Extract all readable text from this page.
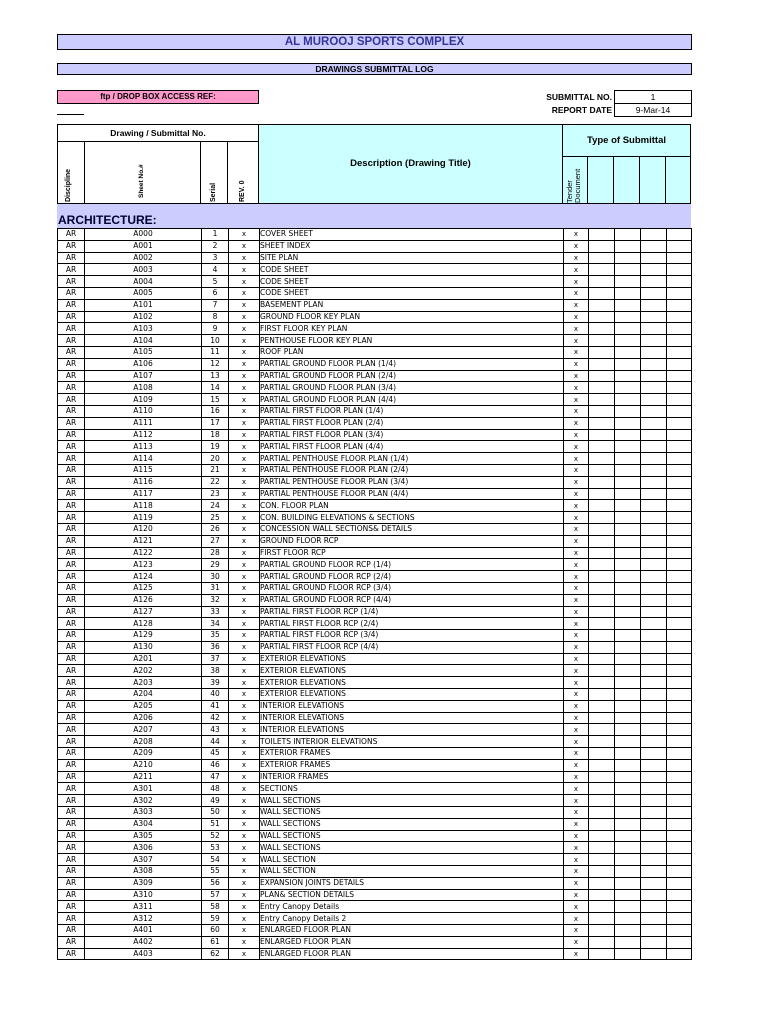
AL MUROOJ SPORTS COMPLEX
DRAWINGS SUBMITTAL LOG
ftp / DROP BOX ACCESS REF:	SUBMITTAL NO.	1
REPORT DATE	9-Mar-14
Drawing / Submittal No.
Discipline	Sheet No.#	Serial	REV. 0
Description (Drawing Title)
Type of Submittal
Tender Document
ARCHITECTURE:
AR	A000	1	x	COVER SHEET	x				
AR	A001	2	x	SHEET INDEX	x				
AR	A002	3	x	SITE PLAN	x				
AR	A003	4	x	CODE SHEET	x				
AR	A004	5	x	CODE SHEET	x				
AR	A005	6	x	CODE SHEET	x				
AR	A101	7	x	BASEMENT PLAN	x				
AR	A102	8	x	GROUND FLOOR KEY PLAN	x				
AR	A103	9	x	FIRST FLOOR KEY PLAN	x				
AR	A104	10	x	PENTHOUSE FLOOR KEY PLAN	x				
AR	A105	11	x	ROOF PLAN	x				
AR	A106	12	x	PARTIAL GROUND FLOOR PLAN (1/4)	x				
AR	A107	13	x	PARTIAL GROUND FLOOR PLAN (2/4)	x				
AR	A108	14	x	PARTIAL GROUND FLOOR PLAN (3/4)	x				
AR	A109	15	x	PARTIAL GROUND FLOOR PLAN (4/4)	x				
AR	A110	16	x	PARTIAL FIRST FLOOR PLAN (1/4)	x				
AR	A111	17	x	PARTIAL FIRST FLOOR PLAN (2/4)	x				
AR	A112	18	x	PARTIAL FIRST FLOOR PLAN (3/4)	x				
AR	A113	19	x	PARTIAL FIRST FLOOR PLAN (4/4)	x				
AR	A114	20	x	PARTIAL PENTHOUSE FLOOR PLAN (1/4)	x				
AR	A115	21	x	PARTIAL PENTHOUSE FLOOR PLAN (2/4)	x				
AR	A116	22	x	PARTIAL PENTHOUSE FLOOR PLAN (3/4)	x				
AR	A117	23	x	PARTIAL PENTHOUSE FLOOR PLAN (4/4)	x				
AR	A118	24	x	CON. FLOOR PLAN	x				
AR	A119	25	x	CON. BUILDING ELEVATIONS & SECTIONS	x				
AR	A120	26	x	CONCESSION WALL SECTIONS& DETAILS	x				
AR	A121	27	x	GROUND FLOOR RCP	x				
AR	A122	28	x	FIRST FLOOR RCP	x				
AR	A123	29	x	PARTIAL GROUND FLOOR RCP (1/4)	x				
AR	A124	30	x	PARTIAL GROUND FLOOR RCP (2/4)	x				
AR	A125	31	x	PARTIAL GROUND FLOOR RCP (3/4)	x				
AR	A126	32	x	PARTIAL GROUND FLOOR RCP (4/4)	x				
AR	A127	33	x	PARTIAL FIRST FLOOR RCP (1/4)	x				
AR	A128	34	x	PARTIAL FIRST FLOOR RCP (2/4)	x				
AR	A129	35	x	PARTIAL FIRST FLOOR RCP (3/4)	x				
AR	A130	36	x	PARTIAL FIRST FLOOR RCP (4/4)	x				
AR	A201	37	x	EXTERIOR ELEVATIONS	x				
AR	A202	38	x	EXTERIOR ELEVATIONS	x				
AR	A203	39	x	EXTERIOR ELEVATIONS	x				
AR	A204	40	x	EXTERIOR ELEVATIONS	x				
AR	A205	41	x	INTERIOR ELEVATIONS	x				
AR	A206	42	x	INTERIOR ELEVATIONS	x				
AR	A207	43	x	INTERIOR ELEVATIONS	x				
AR	A208	44	x	TOILETS INTERIOR ELEVATIONS	x				
AR	A209	45	x	EXTERIOR FRAMES	x				
AR	A210	46	x	EXTERIOR FRAMES	x				
AR	A211	47	x	INTERIOR FRAMES	x				
AR	A301	48	x	SECTIONS	x				
AR	A302	49	x	WALL SECTIONS	x				
AR	A303	50	x	WALL SECTIONS	x				
AR	A304	51	x	WALL SECTIONS	x				
AR	A305	52	x	WALL SECTIONS	x				
AR	A306	53	x	WALL SECTIONS	x				
AR	A307	54	x	WALL SECTION	x				
AR	A308	55	x	WALL SECTION	x				
AR	A309	56	x	EXPANSION JOINTS DETAILS	x				
AR	A310	57	x	PLAN& SECTION DETAILS	x				
AR	A311	58	x	Entry Canopy Details	x				
AR	A312	59	x	Entry Canopy Details 2	x				
AR	A401	60	x	ENLARGED FLOOR PLAN	x				
AR	A402	61	x	ENLARGED FLOOR PLAN	x				
AR	A403	62	x	ENLARGED FLOOR PLAN	x				
